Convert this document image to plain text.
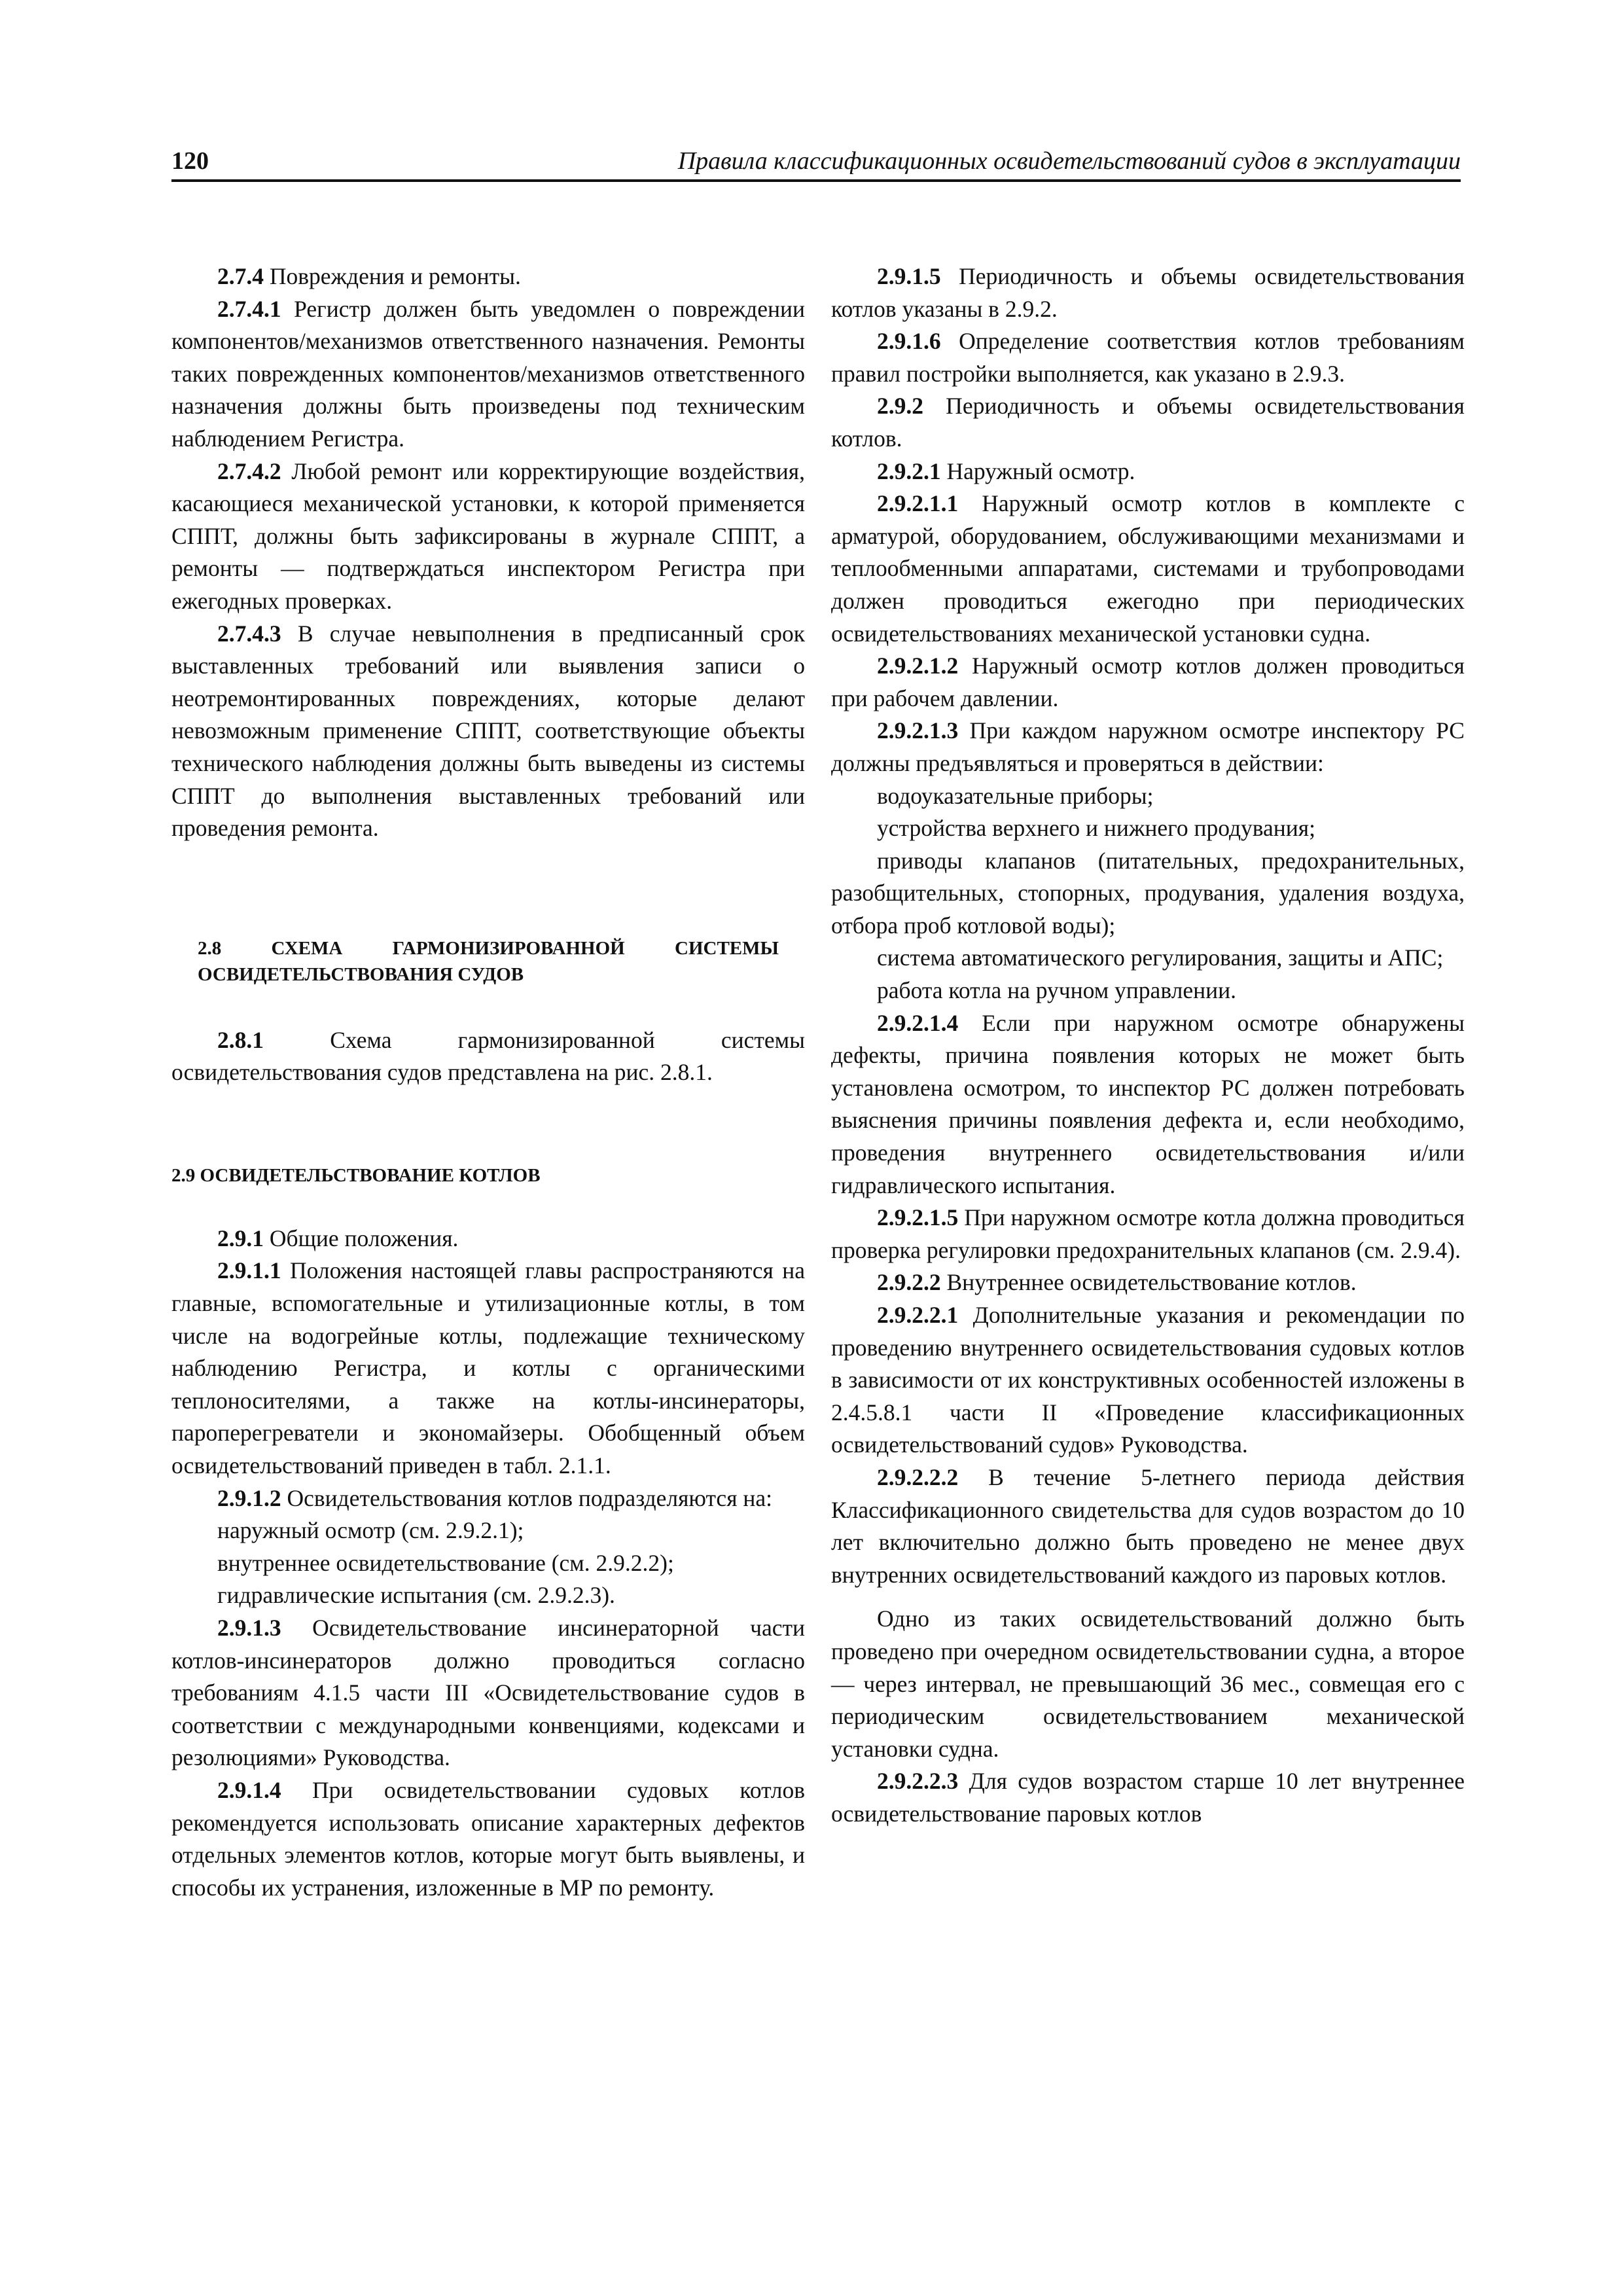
120	Правила классификационных освидетельствований судов в эксплуатации

2.7.4 Повреждения и ремонты.

2.7.4.1 Регистр должен быть уведомлен о повреждении компонентов/механизмов ответственного назначения. Ремонты таких поврежденных компонентов/механизмов ответственного назначения должны быть произведены под техническим наблюдением Регистра.

2.7.4.2 Любой ремонт или корректирующие воздействия, касающиеся механической установки, к которой применяется СППТ, должны быть зафиксированы в журнале СППТ, а ремонты — подтверждаться инспектором Регистра при ежегодных проверках.

2.7.4.3 В случае невыполнения в предписанный срок выставленных требований или выявления записи о неотремонтированных повреждениях, которые делают невозможным применение СППТ, соответствующие объекты технического наблюдения должны быть выведены из системы СППТ до выполнения выставленных требований или проведения ремонта.

2.8 СХЕМА ГАРМОНИЗИРОВАННОЙ СИСТЕМЫ ОСВИДЕТЕЛЬСТВОВАНИЯ СУДОВ

2.8.1 Схема гармонизированной системы освидетельствования судов представлена на рис. 2.8.1.

2.9 ОСВИДЕТЕЛЬСТВОВАНИЕ КОТЛОВ

2.9.1 Общие положения.

2.9.1.1 Положения настоящей главы распространяются на главные, вспомогательные и утилизационные котлы, в том числе на водогрейные котлы, подлежащие техническому наблюдению Регистра, и котлы с органическими теплоносителями, а также на котлы-инсинераторы, пароперегреватели и экономайзеры. Обобщенный объем освидетельствований приведен в табл. 2.1.1.

2.9.1.2 Освидетельствования котлов подразделяются на:

наружный осмотр (см. 2.9.2.1);

внутреннее освидетельствование (см. 2.9.2.2);

гидравлические испытания (см. 2.9.2.3).

2.9.1.3 Освидетельствование инсинераторной части котлов-инсинераторов должно проводиться согласно требованиям 4.1.5 части III «Освидетельствование судов в соответствии с международными конвенциями, кодексами и резолюциями» Руководства.

2.9.1.4 При освидетельствовании судовых котлов рекомендуется использовать описание характерных дефектов отдельных элементов котлов, которые могут быть выявлены, и способы их устранения, изложенные в МР по ремонту.

2.9.1.5 Периодичность и объемы освидетельствования котлов указаны в 2.9.2.

2.9.1.6 Определение соответствия котлов требованиям правил постройки выполняется, как указано в 2.9.3.

2.9.2 Периодичность и объемы освидетельствования котлов.

2.9.2.1 Наружный осмотр.

2.9.2.1.1 Наружный осмотр котлов в комплекте с арматурой, оборудованием, обслуживающими механизмами и теплообменными аппаратами, системами и трубопроводами должен проводиться ежегодно при периодических освидетельствованиях механической установки судна.

2.9.2.1.2 Наружный осмотр котлов должен проводиться при рабочем давлении.

2.9.2.1.3 При каждом наружном осмотре инспектору РС должны предъявляться и проверяться в действии:

водоуказательные приборы;

устройства верхнего и нижнего продувания;

приводы клапанов (питательных, предохранительных, разобщительных, стопорных, продувания, удаления воздуха, отбора проб котловой воды);

система автоматического регулирования, защиты и АПС;

работа котла на ручном управлении.

2.9.2.1.4 Если при наружном осмотре обнаружены дефекты, причина появления которых не может быть установлена осмотром, то инспектор РС должен потребовать выяснения причины появления дефекта и, если необходимо, проведения внутреннего освидетельствования и/или гидравлического испытания.

2.9.2.1.5 При наружном осмотре котла должна проводиться проверка регулировки предохранительных клапанов (см. 2.9.4).

2.9.2.2 Внутреннее освидетельствование котлов.

2.9.2.2.1 Дополнительные указания и рекомендации по проведению внутреннего освидетельствования судовых котлов в зависимости от их конструктивных особенностей изложены в 2.4.5.8.1 части II «Проведение классификационных освидетельствований судов» Руководства.

2.9.2.2.2 В течение 5-летнего периода действия Классификационного свидетельства для судов возрастом до 10 лет включительно должно быть проведено не менее двух внутренних освидетельствований каждого из паровых котлов.

Одно из таких освидетельствований должно быть проведено при очередном освидетельствовании судна, а второе — через интервал, не превышающий 36 мес., совмещая его с периодическим освидетельствованием механической установки судна.

2.9.2.2.3 Для судов возрастом старше 10 лет внутреннее освидетельствование паровых котлов
